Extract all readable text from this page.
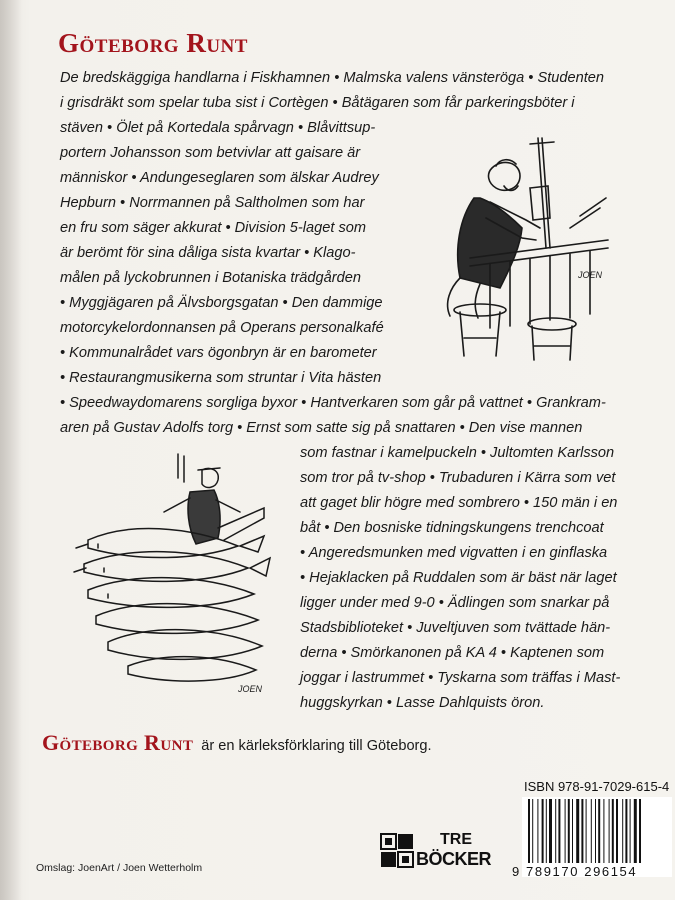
Göteborg Runt
De bredskäggiga handlarna i Fiskhamnen • Malmska valens vänsteröga • Studenten
i grisdräkt som spelar tuba sist i Cortègen • Båtägaren som får parkeringsböter i
stäven • Ölet på Kortedala spårvagn • Blåvittsup-
portern Johansson som betvivlar att gaisare är
människor • Andungeseglaren som älskar Audrey
Hepburn • Norrmannen på Saltholmen som har
en fru som säger akkurat • Division 5-laget som
är berömt för sina dåliga sista kvartar • Klago-
målen på lyckobrunnen i Botaniska trädgården
• Myggjägaren på Älvsborgsgatan • Den dammige
motorcykelordonnansen på Operans personalkafé
• Kommunalrådet vars ögonbryn är en barometer
• Restaurangmusikerna som struntar i Vita hästen
• Speedwaydomarens sorgliga byxor • Hantverkaren som går på vattnet • Grankram-
aren på Gustav Adolfs torg • Ernst som satte sig på snattaren • Den vise mannen
som fastnar i kamelpuckeln • Jultomten Karlsson
som tror på tv-shop • Trubaduren i Kärra som vet
att gaget blir högre med sombrero • 150 män i en
båt • Den bosniske tidningskungens trenchcoat
• Angeredsmunken med vigvatten i en ginflaska
• Hejaklacken på Ruddalen som är bäst när laget
ligger under med 9-0 • Ädlingen som snarkar på
Stadsbiblioteket • Juveltjuven som tvättade hän-
derna • Smörkanonen på KA 4 • Kaptenen som
joggar i lastrummet • Tyskarna som träffas i Mast-
huggskyrkan • Lasse Dahlquists öron.
JOEN
JOEN
Göteborg Runt är en kärleksförklaring till Göteborg.
ISBN 978-91-7029-615-4
9 789170 296154
TRE
BÖCKER
Omslag: JoenArt / Joen Wetterholm
